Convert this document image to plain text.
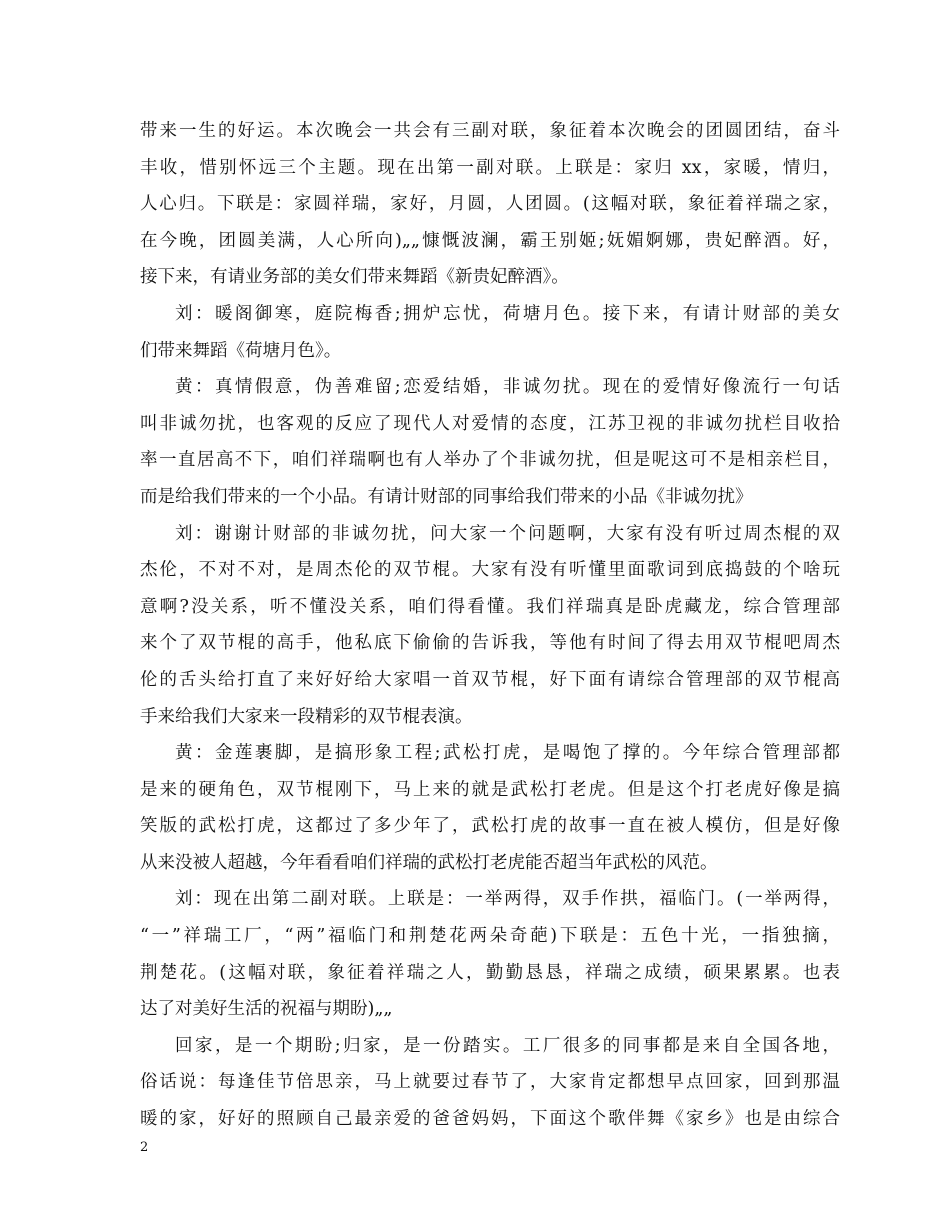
带来一生的好运。本次晚会一共会有三副对联，象征着本次晚会的团圆团结，奋斗
丰收，惜别怀远三个主题。现在出第一副对联。上联是：家归 xx，家暖，情归，
人心归。下联是：家圆祥瑞，家好，月圆，人团圆。(这幅对联，象征着祥瑞之家，
在今晚，团圆美满，人心所向)„„慷慨波澜，霸王别姬;妩媚婀娜，贵妃醉酒。好，
接下来，有请业务部的美女们带来舞蹈《新贵妃醉酒》。
刘：暖阁御寒，庭院梅香;拥炉忘忧，荷塘月色。接下来，有请计财部的美女
们带来舞蹈《荷塘月色》。
黄：真情假意，伪善难留;恋爱结婚，非诚勿扰。现在的爱情好像流行一句话
叫非诚勿扰，也客观的反应了现代人对爱情的态度，江苏卫视的非诚勿扰栏目收拾
率一直居高不下，咱们祥瑞啊也有人举办了个非诚勿扰，但是呢这可不是相亲栏目，
而是给我们带来的一个小品。有请计财部的同事给我们带来的小品《非诚勿扰》
刘：谢谢计财部的非诚勿扰，问大家一个问题啊，大家有没有听过周杰棍的双
杰伦，不对不对，是周杰伦的双节棍。大家有没有听懂里面歌词到底捣鼓的个啥玩
意啊?没关系，听不懂没关系，咱们得看懂。我们祥瑞真是卧虎藏龙，综合管理部
来个了双节棍的高手，他私底下偷偷的告诉我，等他有时间了得去用双节棍吧周杰
伦的舌头给打直了来好好给大家唱一首双节棍，好下面有请综合管理部的双节棍高
手来给我们大家来一段精彩的双节棍表演。
黄：金莲裹脚，是搞形象工程;武松打虎，是喝饱了撑的。今年综合管理部都
是来的硬角色，双节棍刚下，马上来的就是武松打老虎。但是这个打老虎好像是搞
笑版的武松打虎，这都过了多少年了，武松打虎的故事一直在被人模仿，但是好像
从来没被人超越，今年看看咱们祥瑞的武松打老虎能否超当年武松的风范。
刘：现在出第二副对联。上联是：一举两得，双手作拱，福临门。(一举两得，
“一”祥瑞工厂，“两”福临门和荆楚花两朵奇葩)下联是：五色十光，一指独摘，
荆楚花。(这幅对联，象征着祥瑞之人，勤勤恳恳，祥瑞之成绩，硕果累累。也表
达了对美好生活的祝福与期盼)„„
回家，是一个期盼;归家，是一份踏实。工厂很多的同事都是来自全国各地，
俗话说：每逢佳节倍思亲，马上就要过春节了，大家肯定都想早点回家，回到那温
暖的家，好好的照顾自己最亲爱的爸爸妈妈，下面这个歌伴舞《家乡》也是由综合
2
